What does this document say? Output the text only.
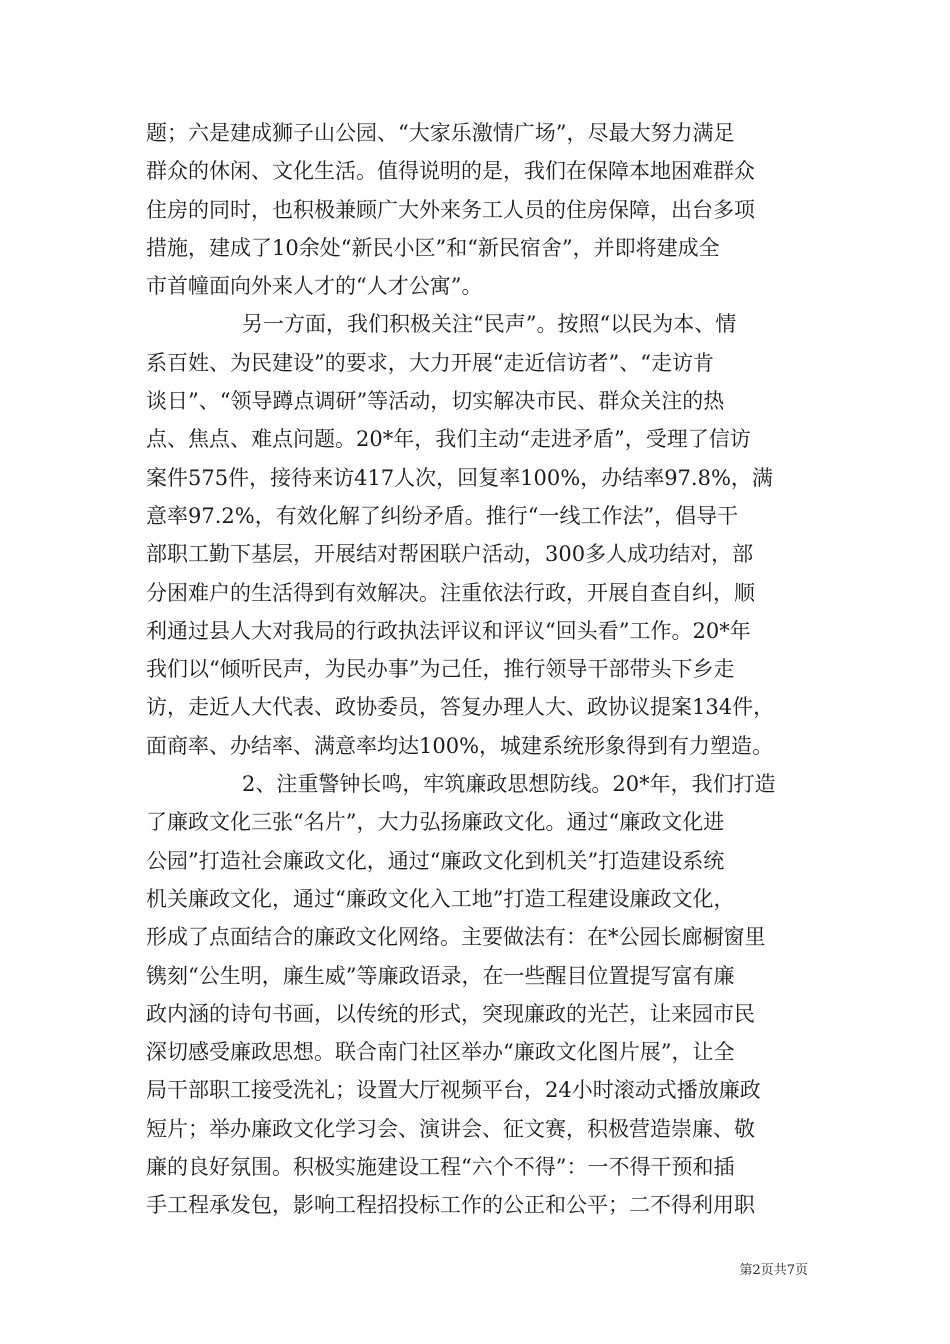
题；六是建成狮子山公园、“大家乐激情广场”，尽最大努力满足
群众的休闲、文化生活。值得说明的是，我们在保障本地困难群众
住房的同时，也积极兼顾广大外来务工人员的住房保障，出台多项
措施，建成了10余处“新民小区”和“新民宿舍”，并即将建成全
市首幢面向外来人才的“人才公寓”。
另一方面，我们积极关注“民声”。按照“以民为本、情
系百姓、为民建设”的要求，大力开展“走近信访者”、“走访肯
谈日”、“领导蹲点调研”等活动，切实解决市民、群众关注的热
点、焦点、难点问题。20*年，我们主动“走进矛盾”，受理了信访
案件575件，接待来访417人次，回复率100%，办结率97.8%，满
意率97.2%，有效化解了纠纷矛盾。推行“一线工作法”，倡导干
部职工勤下基层，开展结对帮困联户活动，300多人成功结对，部
分困难户的生活得到有效解决。注重依法行政，开展自查自纠，顺
利通过县人大对我局的行政执法评议和评议“回头看”工作。20*年
我们以“倾听民声，为民办事”为己任，推行领导干部带头下乡走
访，走近人大代表、政协委员，答复办理人大、政协议提案134件，
面商率、办结率、满意率均达100%，城建系统形象得到有力塑造。
2、注重警钟长鸣，牢筑廉政思想防线。20*年，我们打造
了廉政文化三张“名片”，大力弘扬廉政文化。通过“廉政文化进
公园”打造社会廉政文化，通过“廉政文化到机关”打造建设系统
机关廉政文化，通过“廉政文化入工地”打造工程建设廉政文化，
形成了点面结合的廉政文化网络。主要做法有：在*公园长廊橱窗里
镌刻“公生明，廉生威”等廉政语录，在一些醒目位置提写富有廉
政内涵的诗句书画，以传统的形式，突现廉政的光芒，让来园市民
深切感受廉政思想。联合南门社区举办“廉政文化图片展”，让全
局干部职工接受洗礼；设置大厅视频平台，24小时滚动式播放廉政
短片；举办廉政文化学习会、演讲会、征文赛，积极营造崇廉、敬
廉的良好氛围。积极实施建设工程“六个不得”：一不得干预和插
手工程承发包，影响工程招投标工作的公正和公平；二不得利用职
第2页共7页
